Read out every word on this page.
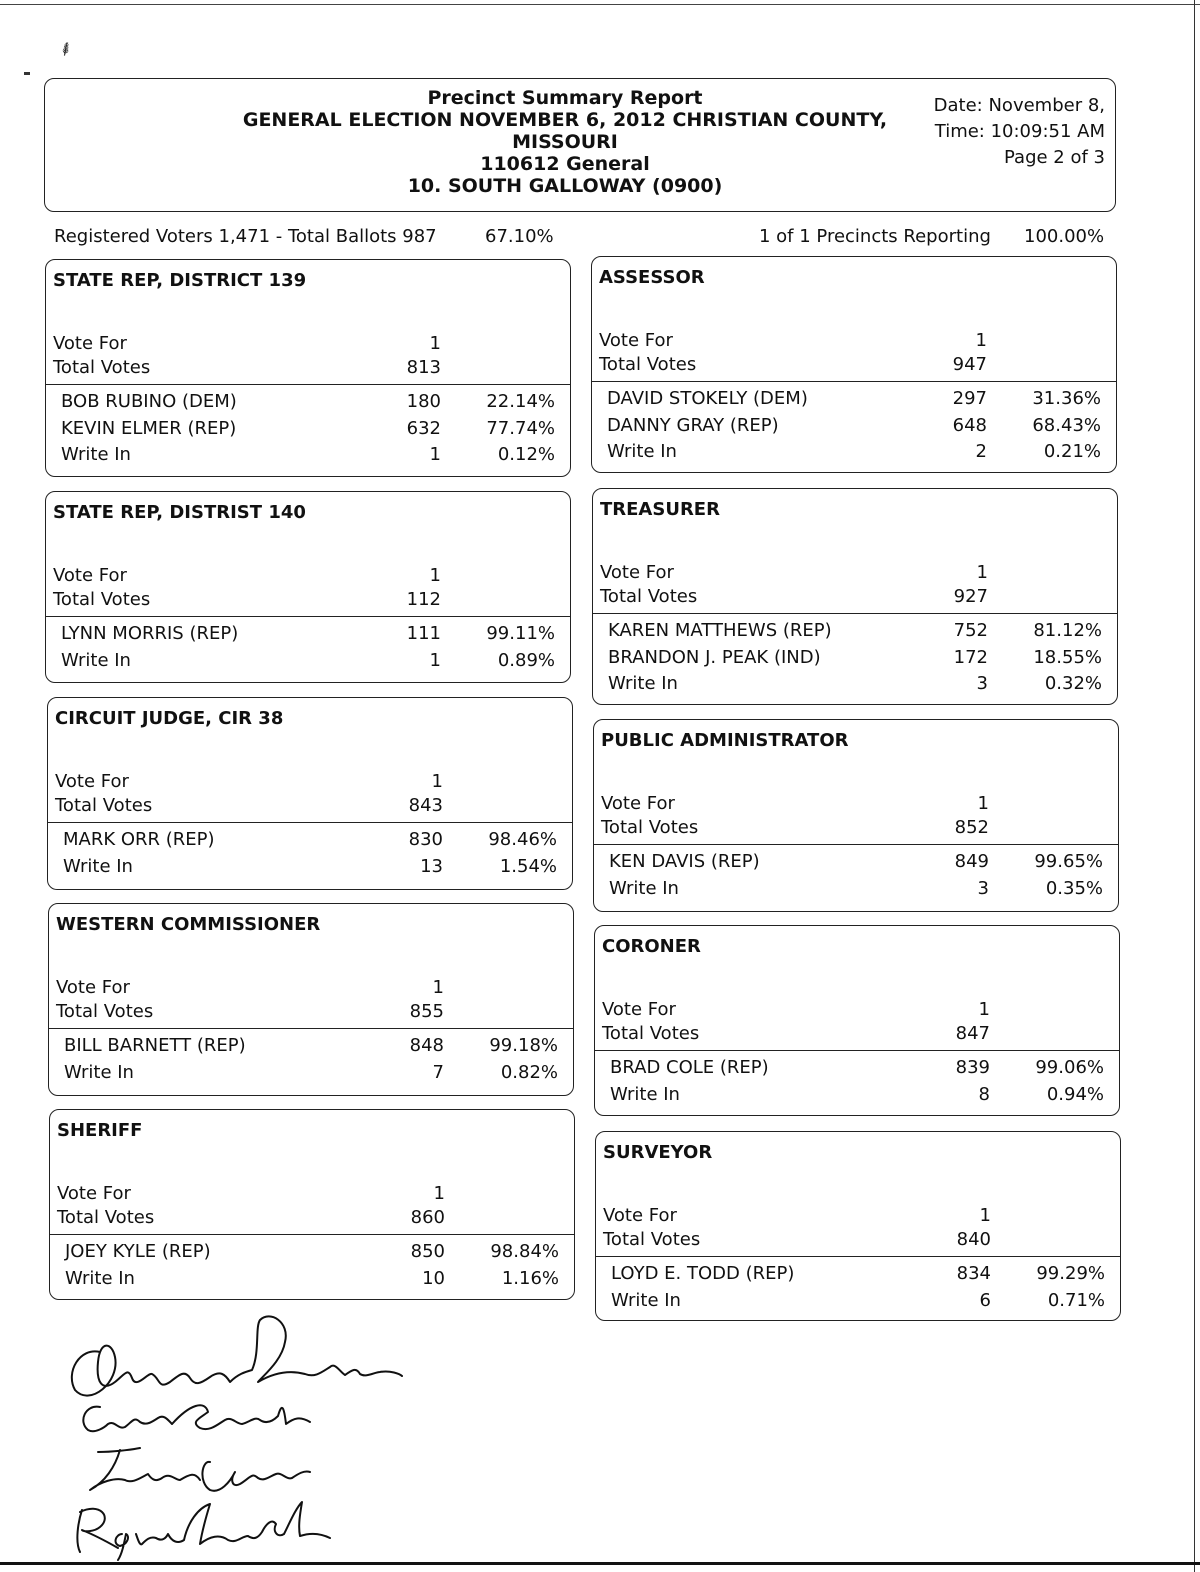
⸙
Precinct Summary Report
GENERAL ELECTION NOVEMBER 6, 2012 CHRISTIAN COUNTY,
MISSOURI
110612 General
10. SOUTH GALLOWAY (0900)
Date: November 8,
Time: 10:09:51 AM
Page 2 of 3
Registered Voters 1,471 - Total Ballots 987	67.10%	1 of 1 Precincts Reporting 100.00%
STATE REP, DISTRICT 139
Vote For	1
Total Votes	813
BOB RUBINO (DEM)	180	22.14%
KEVIN ELMER (REP)	632	77.74%
Write In	1	0.12%
STATE REP, DISTRIST 140
Vote For	1
Total Votes	112
LYNN MORRIS (REP)	111	99.11%
Write In	1	0.89%
CIRCUIT JUDGE, CIR 38
Vote For	1
Total Votes	843
MARK ORR (REP)	830	98.46%
Write In	13	1.54%
WESTERN COMMISSIONER
Vote For	1
Total Votes	855
BILL BARNETT (REP)	848	99.18%
Write In	7	0.82%
SHERIFF
Vote For	1
Total Votes	860
JOEY KYLE (REP)	850	98.84%
Write In	10	1.16%
ASSESSOR
Vote For	1
Total Votes	947
DAVID STOKELY (DEM)	297	31.36%
DANNY GRAY (REP)	648	68.43%
Write In	2	0.21%
TREASURER
Vote For	1
Total Votes	927
KAREN MATTHEWS (REP)	752	81.12%
BRANDON J. PEAK (IND)	172	18.55%
Write In	3	0.32%
PUBLIC ADMINISTRATOR
Vote For	1
Total Votes	852
KEN DAVIS (REP)	849	99.65%
Write In	3	0.35%
CORONER
Vote For	1
Total Votes	847
BRAD COLE (REP)	839	99.06%
Write In	8	0.94%
SURVEYOR
Vote For	1
Total Votes	840
LOYD E. TODD (REP)	834	99.29%
Write In	6	0.71%
